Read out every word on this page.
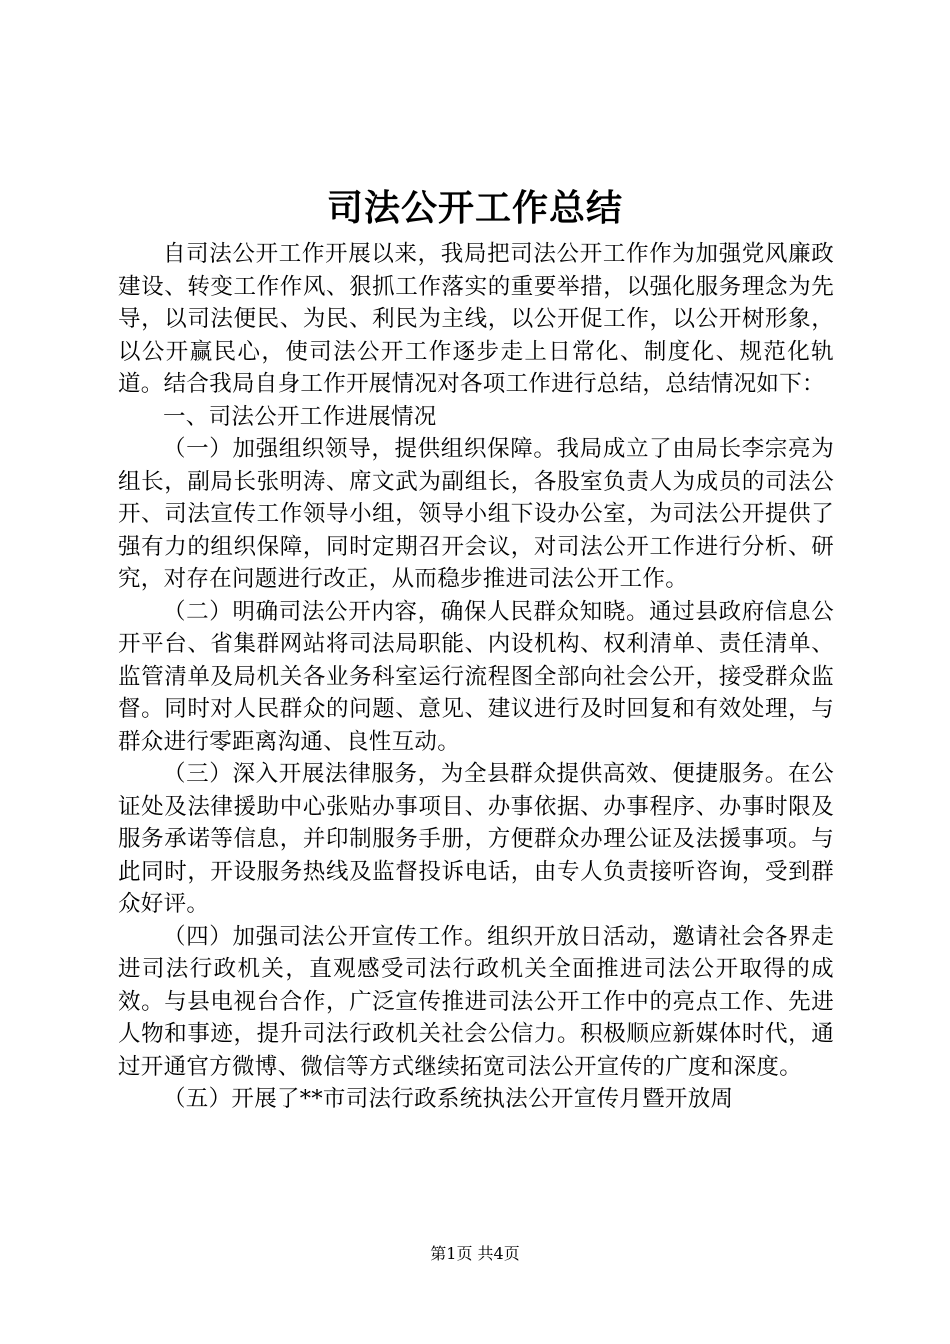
司法公开工作总结

自司法公开工作开展以来，我局把司法公开工作作为加强党风廉政建设、转变工作作风、狠抓工作落实的重要举措，以强化服务理念为先导，以司法便民、为民、利民为主线，以公开促工作，以公开树形象，以公开赢民心，使司法公开工作逐步走上日常化、制度化、规范化轨道。结合我局自身工作开展情况对各项工作进行总结，总结情况如下：

一、司法公开工作进展情况

（一）加强组织领导，提供组织保障。我局成立了由局长李宗亮为组长，副局长张明涛、席文武为副组长，各股室负责人为成员的司法公开、司法宣传工作领导小组，领导小组下设办公室，为司法公开提供了强有力的组织保障，同时定期召开会议，对司法公开工作进行分析、研究，对存在问题进行改正，从而稳步推进司法公开工作。

（二）明确司法公开内容，确保人民群众知晓。通过县政府信息公开平台、省集群网站将司法局职能、内设机构、权利清单、责任清单、监管清单及局机关各业务科室运行流程图全部向社会公开，接受群众监督。同时对人民群众的问题、意见、建议进行及时回复和有效处理，与群众进行零距离沟通、良性互动。

（三）深入开展法律服务，为全县群众提供高效、便捷服务。在公证处及法律援助中心张贴办事项目、办事依据、办事程序、办事时限及服务承诺等信息，并印制服务手册，方便群众办理公证及法援事项。与此同时，开设服务热线及监督投诉电话，由专人负责接听咨询，受到群众好评。

（四）加强司法公开宣传工作。组织开放日活动，邀请社会各界走进司法行政机关，直观感受司法行政机关全面推进司法公开取得的成效。与县电视台合作，广泛宣传推进司法公开工作中的亮点工作、先进人物和事迹，提升司法行政机关社会公信力。积极顺应新媒体时代，通过开通官方微博、微信等方式继续拓宽司法公开宣传的广度和深度。

（五）开展了**市司法行政系统执法公开宣传月暨开放周

第1页 共4页
